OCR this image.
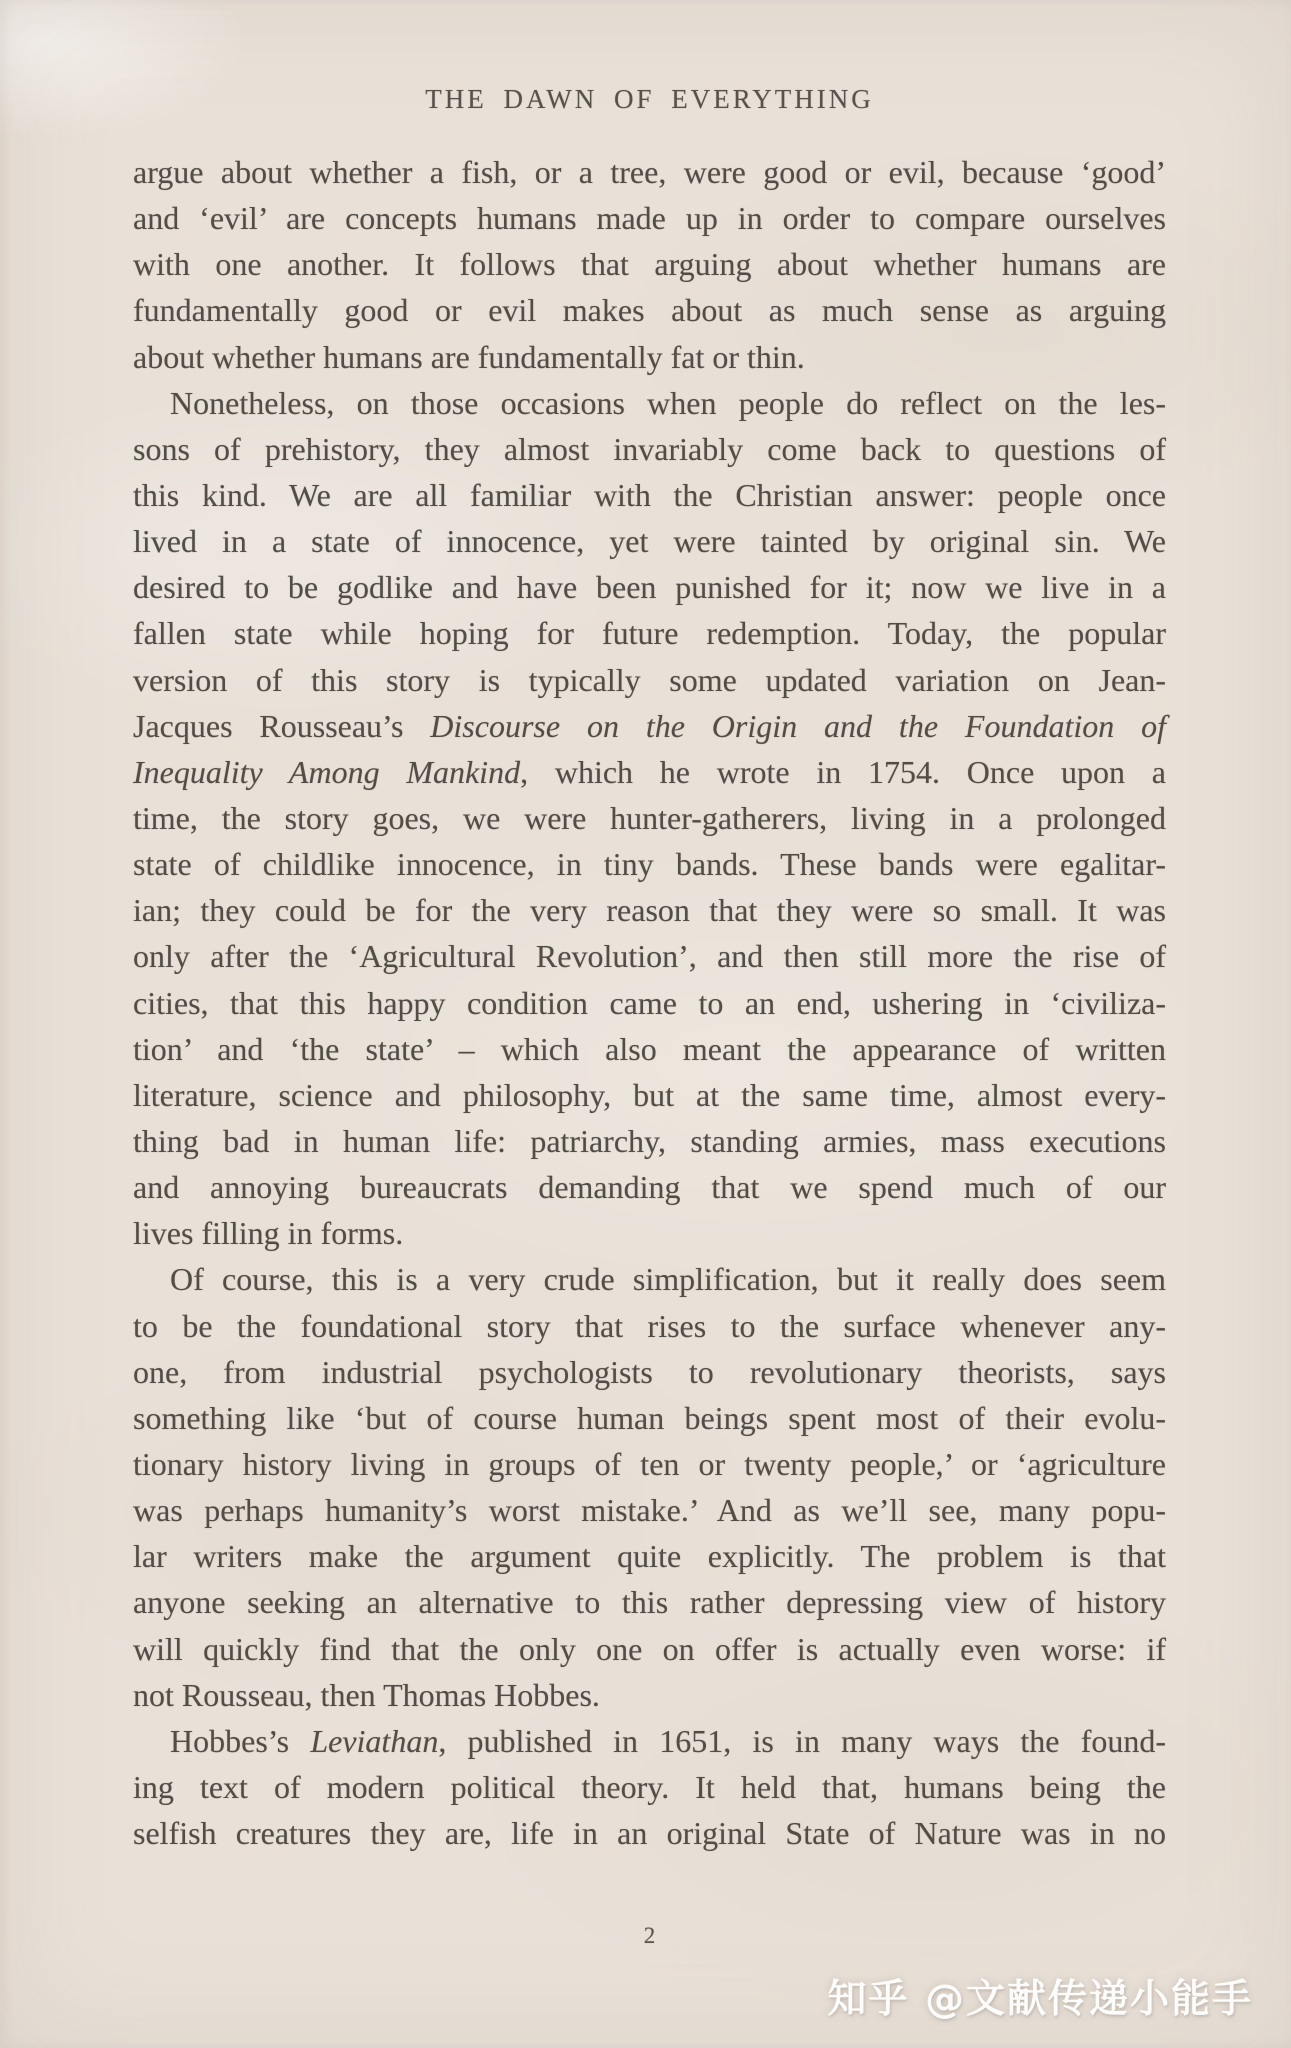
THE DAWN OF EVERYTHING
argue about whether a fish, or a tree, were good or evil, because ‘good’
and ‘evil’ are concepts humans made up in order to compare ourselves
with one another. It follows that arguing about whether humans are
fundamentally good or evil makes about as much sense as arguing
about whether humans are fundamentally fat or thin.
Nonetheless, on those occasions when people do reflect on the les-
sons of prehistory, they almost invariably come back to questions of
this kind. We are all familiar with the Christian answer: people once
lived in a state of innocence, yet were tainted by original sin. We
desired to be godlike and have been punished for it; now we live in a
fallen state while hoping for future redemption. Today, the popular
version of this story is typically some updated variation on Jean-
Jacques Rousseau’s Discourse on the Origin and the Foundation of
Inequality Among Mankind, which he wrote in 1754. Once upon a
time, the story goes, we were hunter-gatherers, living in a prolonged
state of childlike innocence, in tiny bands. These bands were egalitar-
ian; they could be for the very reason that they were so small. It was
only after the ‘Agricultural Revolution’, and then still more the rise of
cities, that this happy condition came to an end, ushering in ‘civiliza-
tion’ and ‘the state’ – which also meant the appearance of written
literature, science and philosophy, but at the same time, almost every-
thing bad in human life: patriarchy, standing armies, mass executions
and annoying bureaucrats demanding that we spend much of our
lives filling in forms.
Of course, this is a very crude simplification, but it really does seem
to be the foundational story that rises to the surface whenever any-
one, from industrial psychologists to revolutionary theorists, says
something like ‘but of course human beings spent most of their evolu-
tionary history living in groups of ten or twenty people,’ or ‘agriculture
was perhaps humanity’s worst mistake.’ And as we’ll see, many popu-
lar writers make the argument quite explicitly. The problem is that
anyone seeking an alternative to this rather depressing view of history
will quickly find that the only one on offer is actually even worse: if
not Rousseau, then Thomas Hobbes.
Hobbes’s Leviathan, published in 1651, is in many ways the found-
ing text of modern political theory. It held that, humans being the
selfish creatures they are, life in an original State of Nature was in no
2
知乎 @文献传递小能手
